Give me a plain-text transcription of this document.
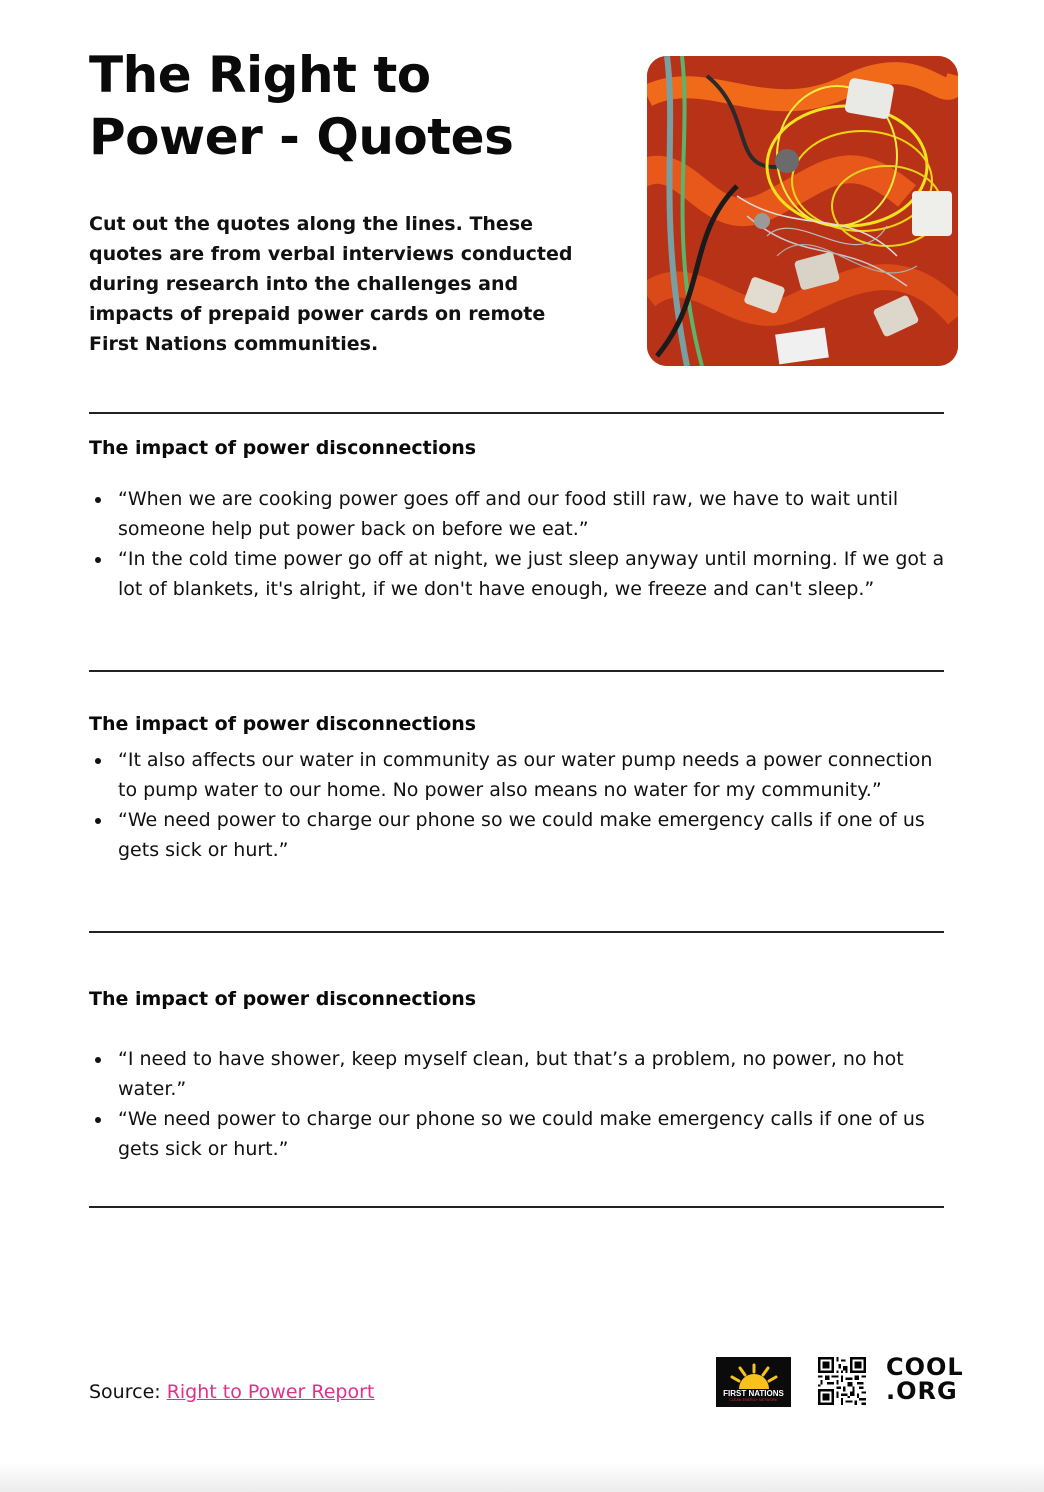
The Right to Power - Quotes

Cut out the quotes along the lines. These quotes are from verbal interviews conducted during research into the challenges and impacts of prepaid power cards on remote First Nations communities.

The impact of power disconnections
“When we are cooking power goes off and our food still raw, we have to wait until someone help put power back on before we eat.”
“In the cold time power go off at night, we just sleep anyway until morning. If we got a lot of blankets, it's alright, if we don't have enough, we freeze and can't sleep.”
The impact of power disconnections
“It also affects our water in community as our water pump needs a power connection to pump water to our home. No power also means no water for my community.”
“We need power to charge our phone so we could make emergency calls if one of us gets sick or hurt.”
The impact of power disconnections
“I need to have shower, keep myself clean, but that’s a problem, no power, no hot water.”
“We need power to charge our phone so we could make emergency calls if one of us gets sick or hurt.”
Source: Right to Power Report	FIRST NATIONS
CLEAN ENERGY NETWORK
COOL
.ORG
